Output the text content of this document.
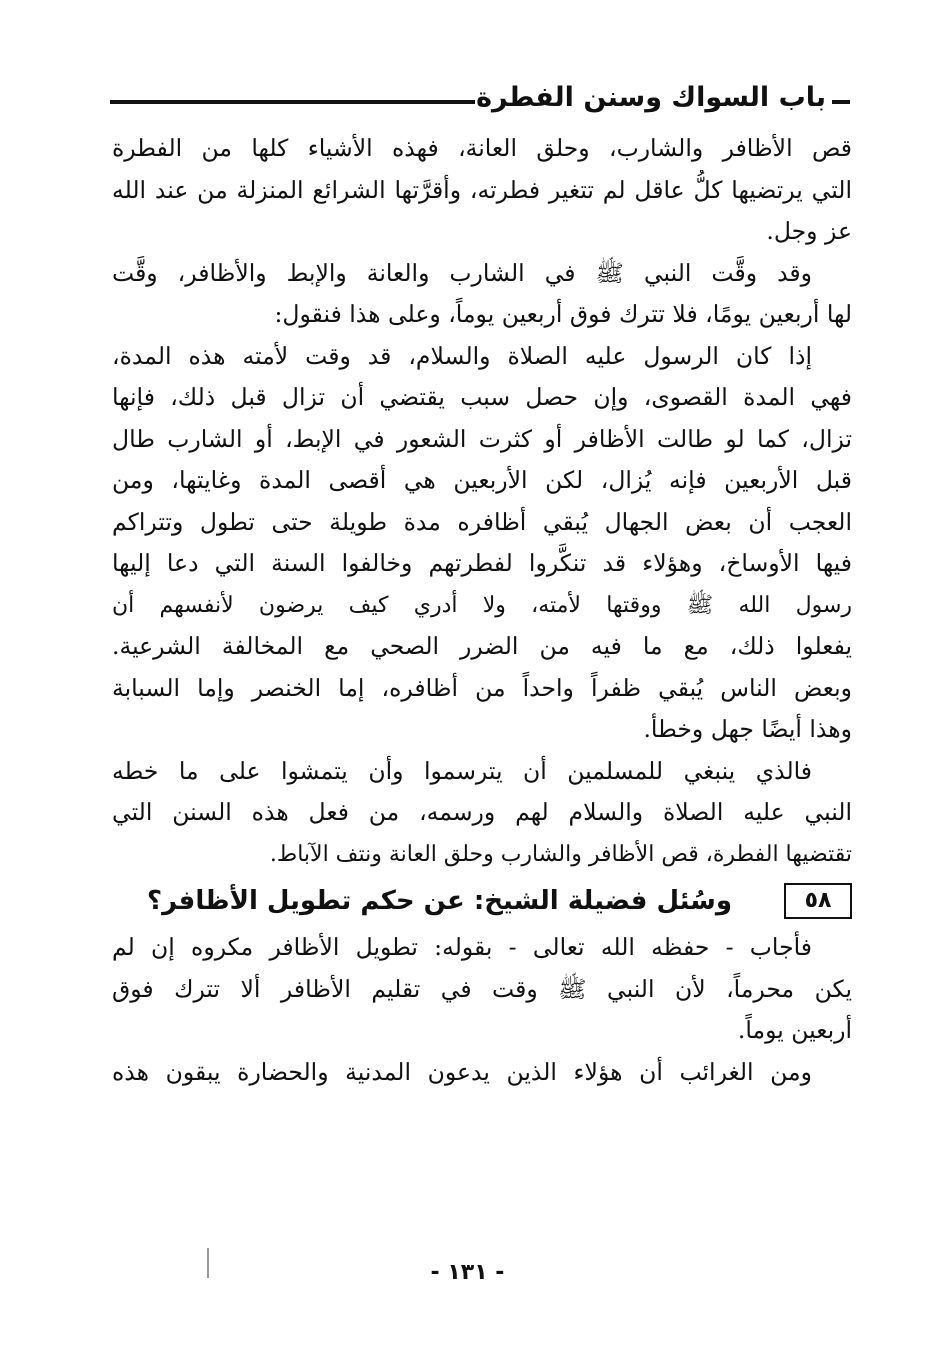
باب السواك وسنن الفطرة
قص الأظافر والشارب، وحلق العانة، فهذه الأشياء كلها من الفطرة
التي يرتضيها كلُّ عاقل لم تتغير فطرته، وأقرَّتها الشرائع المنزلة من عند الله
عز وجل.
وقد وقَّت النبي ﷺ في الشارب والعانة والإبط والأظافر، وقَّت
لها أربعين يومًا، فلا تترك فوق أربعين يوماً، وعلى هذا فنقول:
إذا كان الرسول عليه الصلاة والسلام، قد وقت لأمته هذه المدة،
فهي المدة القصوى، وإن حصل سبب يقتضي أن تزال قبل ذلك، فإنها
تزال، كما لو طالت الأظافر أو كثرت الشعور في الإبط، أو الشارب طال
قبل الأربعين فإنه يُزال، لكن الأربعين هي أقصى المدة وغايتها، ومن
العجب أن بعض الجهال يُبقي أظافره مدة طويلة حتى تطول وتتراكم
فيها الأوساخ، وهؤلاء قد تنكَّروا لفطرتهم وخالفوا السنة التي دعا إليها
رسول الله ﷺ ووقتها لأمته، ولا أدري كيف يرضون لأنفسهم أن
يفعلوا ذلك، مع ما فيه من الضرر الصحي مع المخالفة الشرعية.
وبعض الناس يُبقي ظفراً واحداً من أظافره، إما الخنصر وإما السبابة
وهذا أيضًا جهل وخطأ.
فالذي ينبغي للمسلمين أن يترسموا وأن يتمشوا على ما خطه
النبي عليه الصلاة والسلام لهم ورسمه، من فعل هذه السنن التي
تقتضيها الفطرة، قص الأظافر والشارب وحلق العانة ونتف الآباط.
٥٨
وسُئل فضيلة الشيخ: عن حكم تطويل الأظافر؟
فأجاب - حفظه الله تعالى - بقوله: تطويل الأظافر مكروه إن لم
يكن محرماً، لأن النبي ﷺ وقت في تقليم الأظافر ألا تترك فوق
أربعين يوماً.
ومن الغرائب أن هؤلاء الذين يدعون المدنية والحضارة يبقون هذه
- ١٣١ -
